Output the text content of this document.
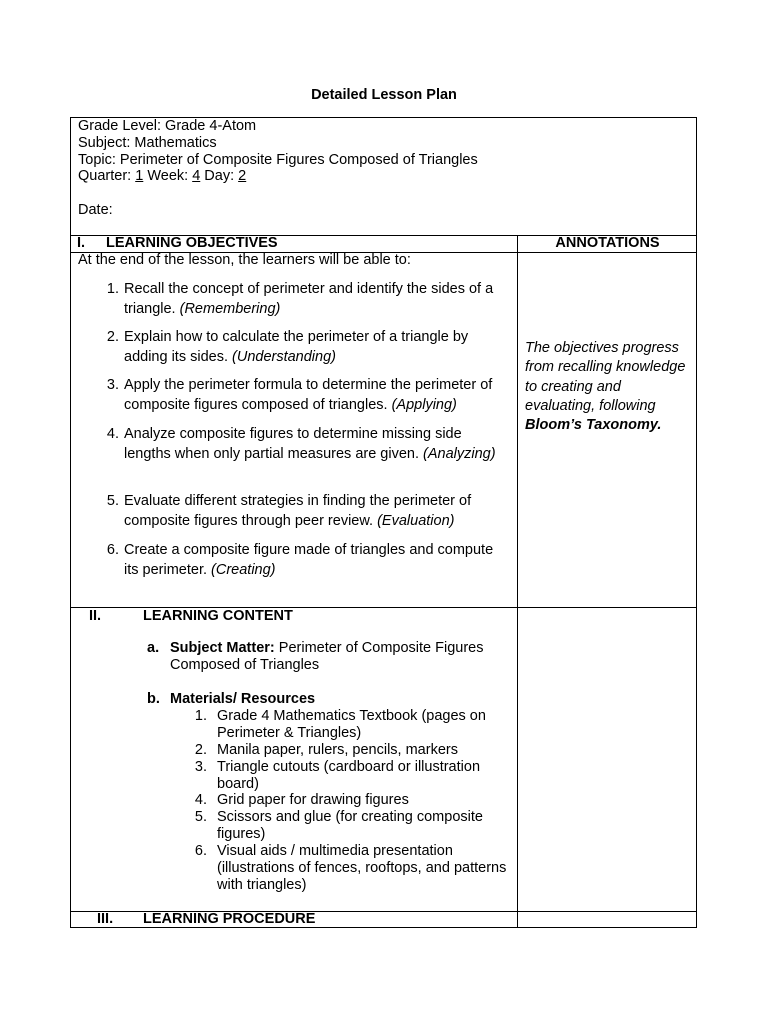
Detailed Lesson Plan
Grade Level: Grade 4-Atom
Subject: Mathematics
Topic: Perimeter of Composite Figures Composed of Triangles
Quarter: 1 Week: 4 Day: 2
Date:
I. LEARNING OBJECTIVES	ANNOTATIONS
At the end of the lesson, the learners will be able to:
1. Recall the concept of perimeter and identify the sides of a triangle. (Remembering)
2. Explain how to calculate the perimeter of a triangle by adding its sides. (Understanding)
3. Apply the perimeter formula to determine the perimeter of composite figures composed of triangles. (Applying)
4. Analyze composite figures to determine missing side lengths when only partial measures are given. (Analyzing)
5. Evaluate different strategies in finding the perimeter of composite figures through peer review. (Evaluation)
6. Create a composite figure made of triangles and compute its perimeter. (Creating)
The objectives progress from recalling knowledge to creating and evaluating, following Bloom’s Taxonomy.
II.	LEARNING CONTENT
a. Subject Matter: Perimeter of Composite Figures Composed of Triangles
b. Materials/ Resources
1. Grade 4 Mathematics Textbook (pages on Perimeter & Triangles)
2. Manila paper, rulers, pencils, markers
3. Triangle cutouts (cardboard or illustration board)
4. Grid paper for drawing figures
5. Scissors and glue (for creating composite figures)
6. Visual aids / multimedia presentation (illustrations of fences, rooftops, and patterns with triangles)
III. LEARNING PROCEDURE
